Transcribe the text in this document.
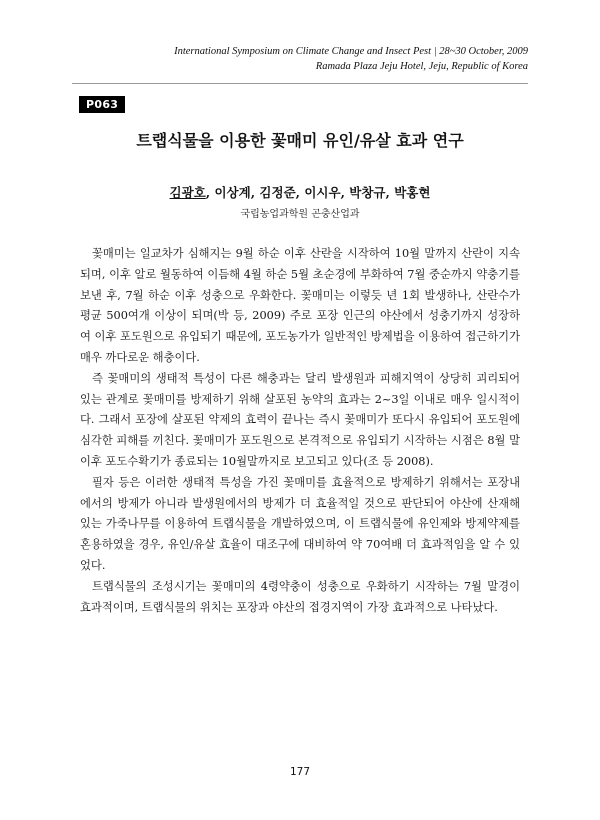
International Symposium on Climate Change and Insect Pest | 28~30 October, 2009
Ramada Plaza Jeju Hotel, Jeju, Republic of Korea
P063
트랩식물을 이용한 꽃매미 유인/유살 효과 연구
김광호, 이상계, 김정준, 이시우, 박창규, 박홍현
국립농업과학원 곤충산업과

꽃매미는 일교차가 심해지는 9월 하순 이후 산란을 시작하여 10월 말까지 산란이 지속되며, 이후 알로 월동하여 이듬해 4월 하순 5월 초순경에 부화하여 7월 중순까지 약충기를 보낸 후, 7월 하순 이후 성충으로 우화한다. 꽃매미는 이렇듯 년 1회 발생하나, 산란수가 평균 500여개 이상이 되며(박 등, 2009) 주로 포장 인근의 야산에서 성충기까지 성장하여 이후 포도원으로 유입되기 때문에, 포도농가가 일반적인 방제법을 이용하여 접근하기가 매우 까다로운 해충이다.

즉 꽃매미의 생태적 특성이 다른 해충과는 달리 발생원과 피해지역이 상당히 괴리되어 있는 관계로 꽃매미를 방제하기 위해 살포된 농약의 효과는 2~3일 이내로 매우 일시적이다. 그래서 포장에 살포된 약제의 효력이 끝나는 즉시 꽃매미가 또다시 유입되어 포도원에 심각한 피해를 끼친다. 꽃매미가 포도원으로 본격적으로 유입되기 시작하는 시점은 8월 말 이후 포도수확기가 종료되는 10월말까지로 보고되고 있다(조 등 2008).

필자 등은 이러한 생태적 특성을 가진 꽃매미를 효율적으로 방제하기 위해서는 포장내에서의 방제가 아니라 발생원에서의 방제가 더 효율적일 것으로 판단되어 야산에 산재해 있는 가죽나무를 이용하여 트랩식물을 개발하였으며, 이 트랩식물에 유인제와 방제약제를 혼용하였을 경우, 유인/유살 효율이 대조구에 대비하여 약 70여배 더 효과적임을 알 수 있었다.

트랩식물의 조성시기는 꽃매미의 4령약충이 성충으로 우화하기 시작하는 7월 말경이 효과적이며, 트랩식물의 위치는 포장과 야산의 접경지역이 가장 효과적으로 나타났다.

177
